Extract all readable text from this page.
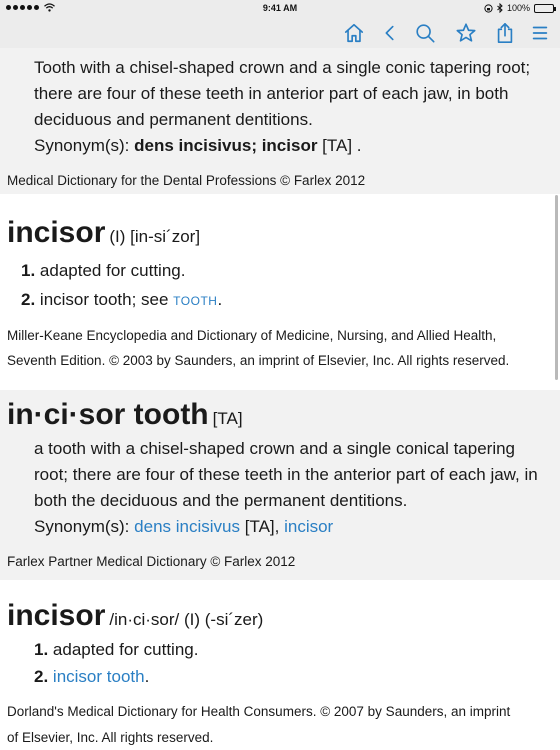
9:41 AM	100%
Tooth with a chisel-shaped crown and a single conic tapering root;
there are four of these teeth in anterior part of each jaw, in both
deciduous and permanent dentitions.
Synonym(s): dens incisivus; incisor [TA] .
Medical Dictionary for the Dental Professions © Farlex 2012
incisor (I) [in-si´zor]
1. adapted for cutting.
2. incisor tooth; see TOOTH.
Miller-Keane Encyclopedia and Dictionary of Medicine, Nursing, and Allied Health,
Seventh Edition. © 2003 by Saunders, an imprint of Elsevier, Inc. All rights reserved.
in·ci·sor tooth [TA]
a tooth with a chisel-shaped crown and a single conical tapering
root; there are four of these teeth in the anterior part of each jaw, in
both the deciduous and the permanent dentitions.
Synonym(s): dens incisivus [TA], incisor
Farlex Partner Medical Dictionary © Farlex 2012
incisor /in·ci·sor/ (I) (-si´zer)
1. adapted for cutting.
2. incisor tooth.
Dorland's Medical Dictionary for Health Consumers. © 2007 by Saunders, an imprint
of Elsevier, Inc. All rights reserved.
